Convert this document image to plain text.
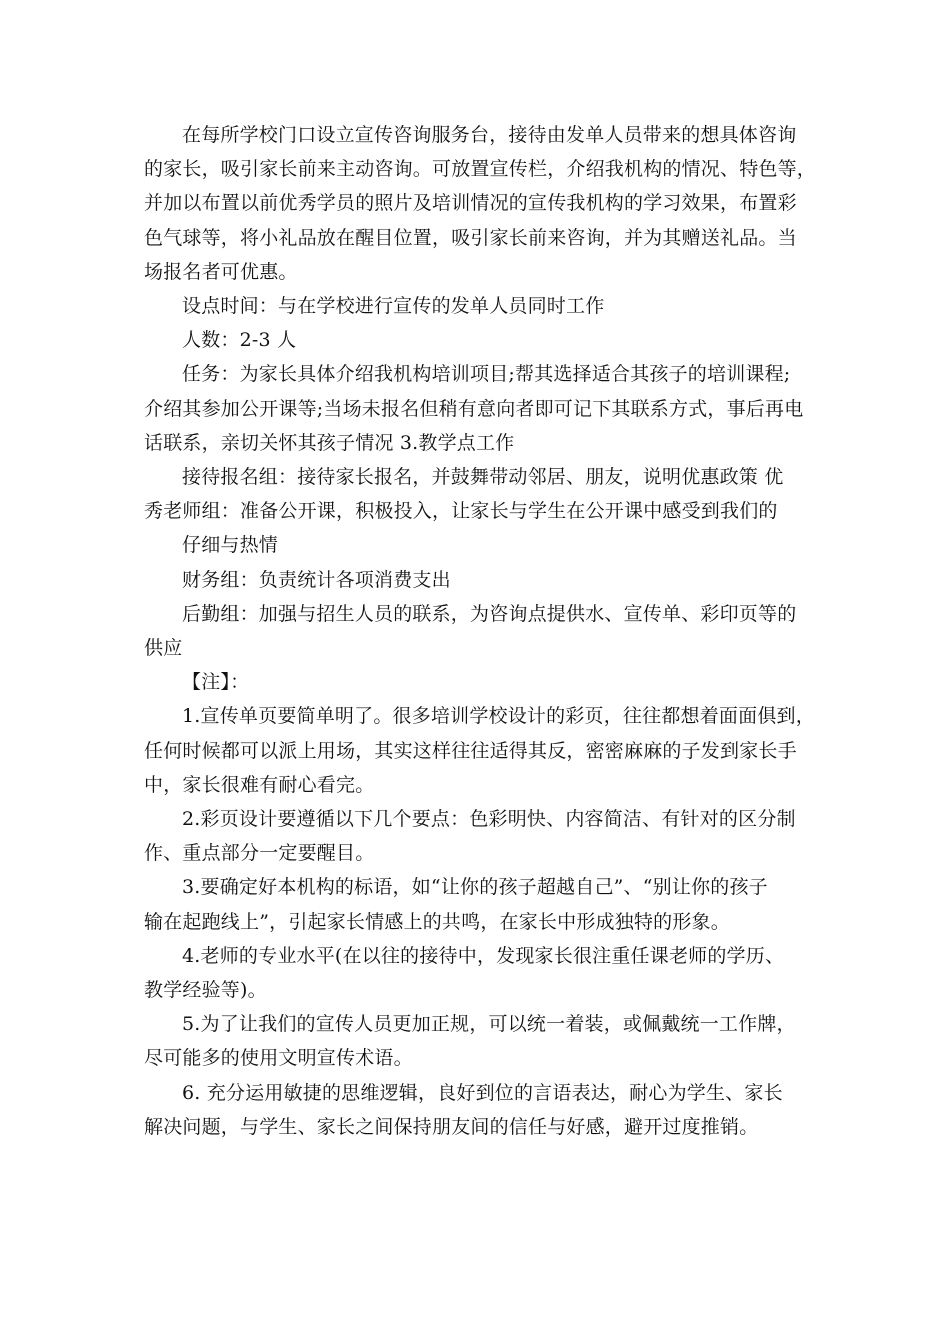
在每所学校门口设立宣传咨询服务台，接待由发单人员带来的想具体咨询
的家长，吸引家长前来主动咨询。可放置宣传栏，介绍我机构的情况、特色等，
并加以布置以前优秀学员的照片及培训情况的宣传我机构的学习效果，布置彩
色气球等，将小礼品放在醒目位置，吸引家长前来咨询，并为其赠送礼品。当
场报名者可优惠。
设点时间：与在学校进行宣传的发单人员同时工作
人数：2-3 人
任务：为家长具体介绍我机构培训项目;帮其选择适合其孩子的培训课程;
介绍其参加公开课等;当场未报名但稍有意向者即可记下其联系方式，事后再电
话联系，亲切关怀其孩子情况 3.教学点工作
接待报名组：接待家长报名，并鼓舞带动邻居、朋友，说明优惠政策 优
秀老师组：准备公开课，积极投入，让家长与学生在公开课中感受到我们的
仔细与热情
财务组：负责统计各项消费支出
后勤组：加强与招生人员的联系，为咨询点提供水、宣传单、彩印页等的
供应
【注】：
1.宣传单页要简单明了。很多培训学校设计的彩页，往往都想着面面俱到，
任何时候都可以派上用场，其实这样往往适得其反，密密麻麻的子发到家长手
中，家长很难有耐心看完。
2.彩页设计要遵循以下几个要点：色彩明快、内容简洁、有针对的区分制
作、重点部分一定要醒目。
3.要确定好本机构的标语，如“让你的孩子超越自己”、“别让你的孩子
输在起跑线上”，引起家长情感上的共鸣，在家长中形成独特的形象。
4.老师的专业水平(在以往的接待中，发现家长很注重任课老师的学历、
教学经验等)。
5.为了让我们的宣传人员更加正规，可以统一着装，或佩戴统一工作牌，
尽可能多的使用文明宣传术语。
6. 充分运用敏捷的思维逻辑，良好到位的言语表达，耐心为学生、家长
解决问题，与学生、家长之间保持朋友间的信任与好感，避开过度推销。
